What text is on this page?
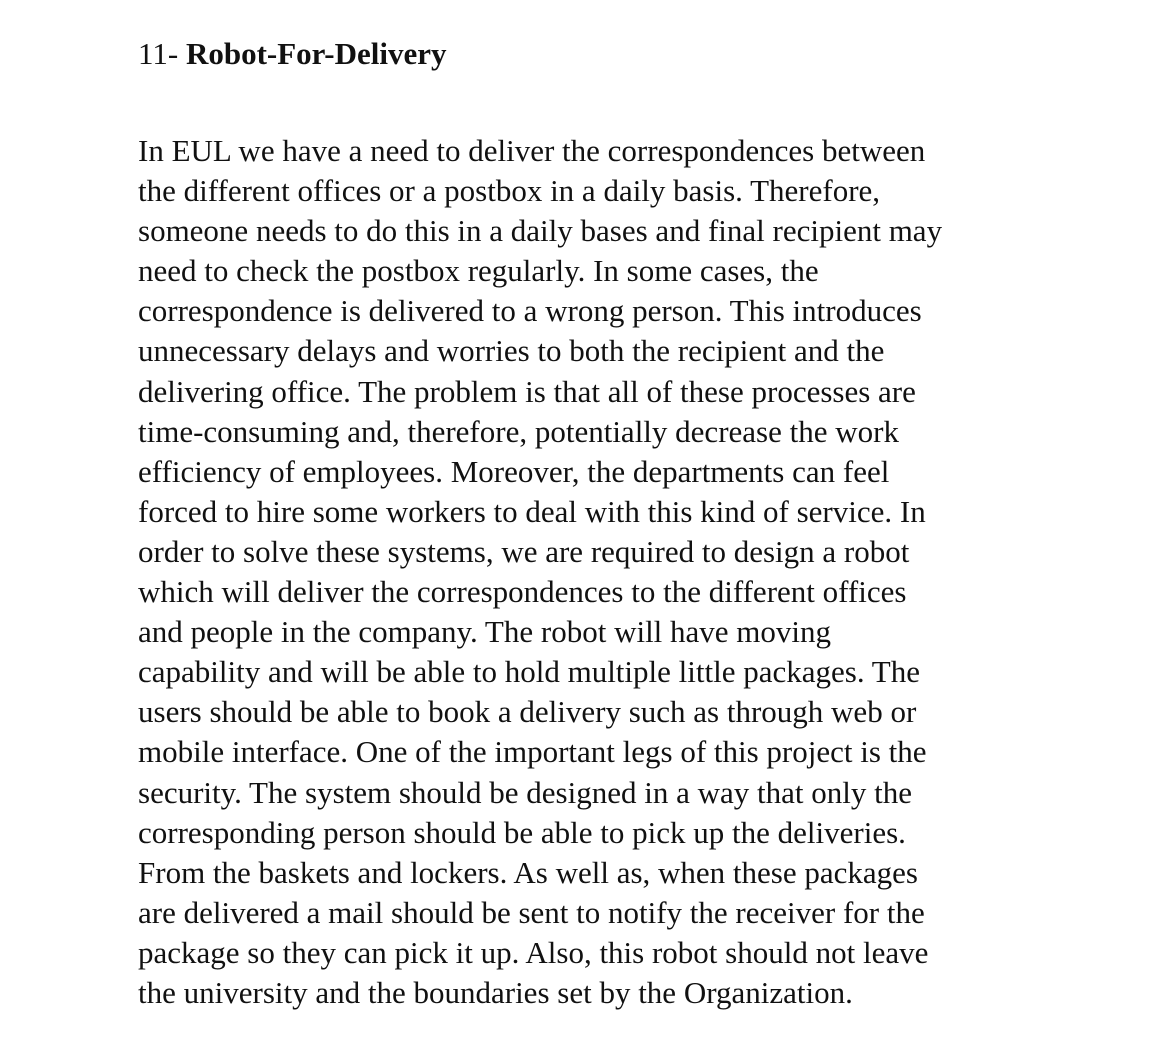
11- Robot-For-Delivery

In EUL we have a need to deliver the correspondences between
the different offices or a postbox in a daily basis. Therefore,
someone needs to do this in a daily bases and final recipient may
need to check the postbox regularly. In some cases, the
correspondence is delivered to a wrong person. This introduces
unnecessary delays and worries to both the recipient and the
delivering office. The problem is that all of these processes are
time-consuming and, therefore, potentially decrease the work
efficiency of employees. Moreover, the departments can feel
forced to hire some workers to deal with this kind of service. In
order to solve these systems, we are required to design a robot
which will deliver the correspondences to the different offices
and people in the company. The robot will have moving
capability and will be able to hold multiple little packages. The
users should be able to book a delivery such as through web or
mobile interface. One of the important legs of this project is the
security. The system should be designed in a way that only the
corresponding person should be able to pick up the deliveries.
From the baskets and lockers. As well as, when these packages
are delivered a mail should be sent to notify the receiver for the
package so they can pick it up. Also, this robot should not leave
the university and the boundaries set by the Organization.
